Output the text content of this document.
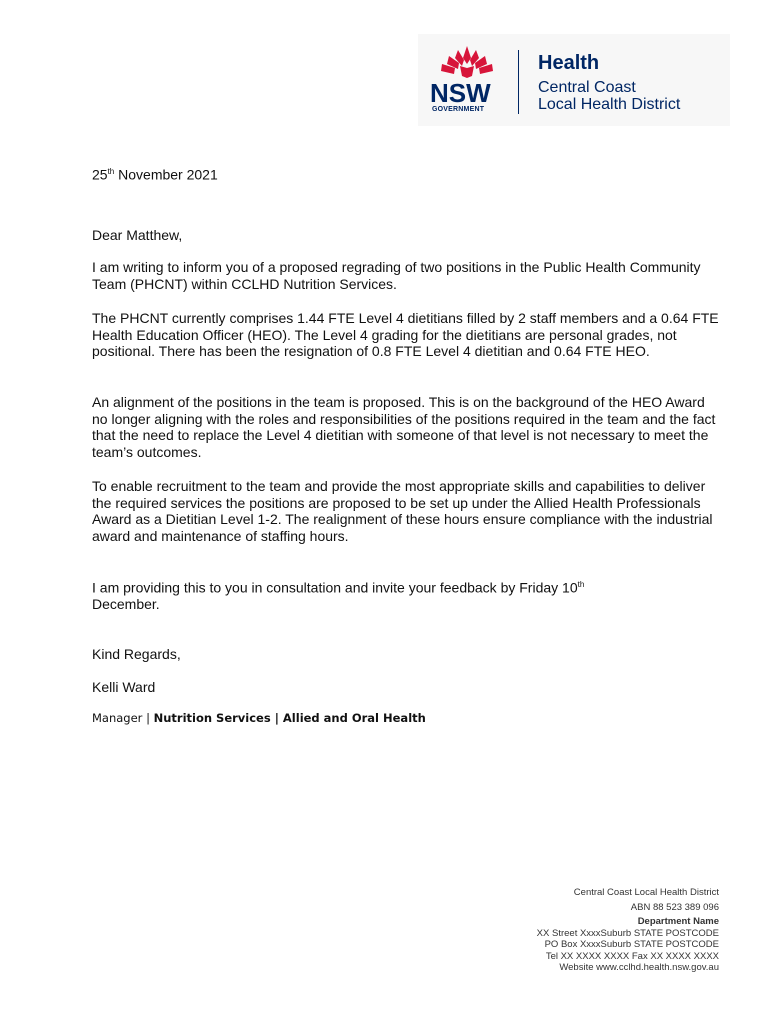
NSW
GOVERNMENT
Health
Central Coast
Local Health District

25th November 2021

Dear Matthew,

I am writing to inform you of a proposed regrading of two positions in the Public Health Community Team (PHCNT) within CCLHD Nutrition Services.

The PHCNT currently comprises 1.44 FTE Level 4 dietitians filled by 2 staff members and a 0.64 FTE Health Education Officer (HEO). The Level 4 grading for the dietitians are personal grades, not positional. There has been the resignation of 0.8 FTE Level 4 dietitian and 0.64 FTE HEO.

An alignment of the positions in the team is proposed. This is on the background of the HEO Award no longer aligning with the roles and responsibilities of the positions required in the team and the fact that the need to replace the Level 4 dietitian with someone of that level is not necessary to meet the team’s outcomes.

To enable recruitment to the team and provide the most appropriate skills and capabilities to deliver the required services the positions are proposed to be set up under the Allied Health Professionals Award as a Dietitian Level 1-2. The realignment of these hours ensure compliance with the industrial award and maintenance of staffing hours.

I am providing this to you in consultation and invite your feedback by Friday 10th
December.

Kind Regards,

Kelli Ward

Manager | Nutrition Services | Allied and Oral Health
Central Coast Local Health District
ABN 88 523 389 096
Department Name
XX Street XxxxSuburb STATE POSTCODE
PO Box XxxxSuburb STATE POSTCODE
Tel XX XXXX XXXX Fax XX XXXX XXXX
Website www.cclhd.health.nsw.gov.au
